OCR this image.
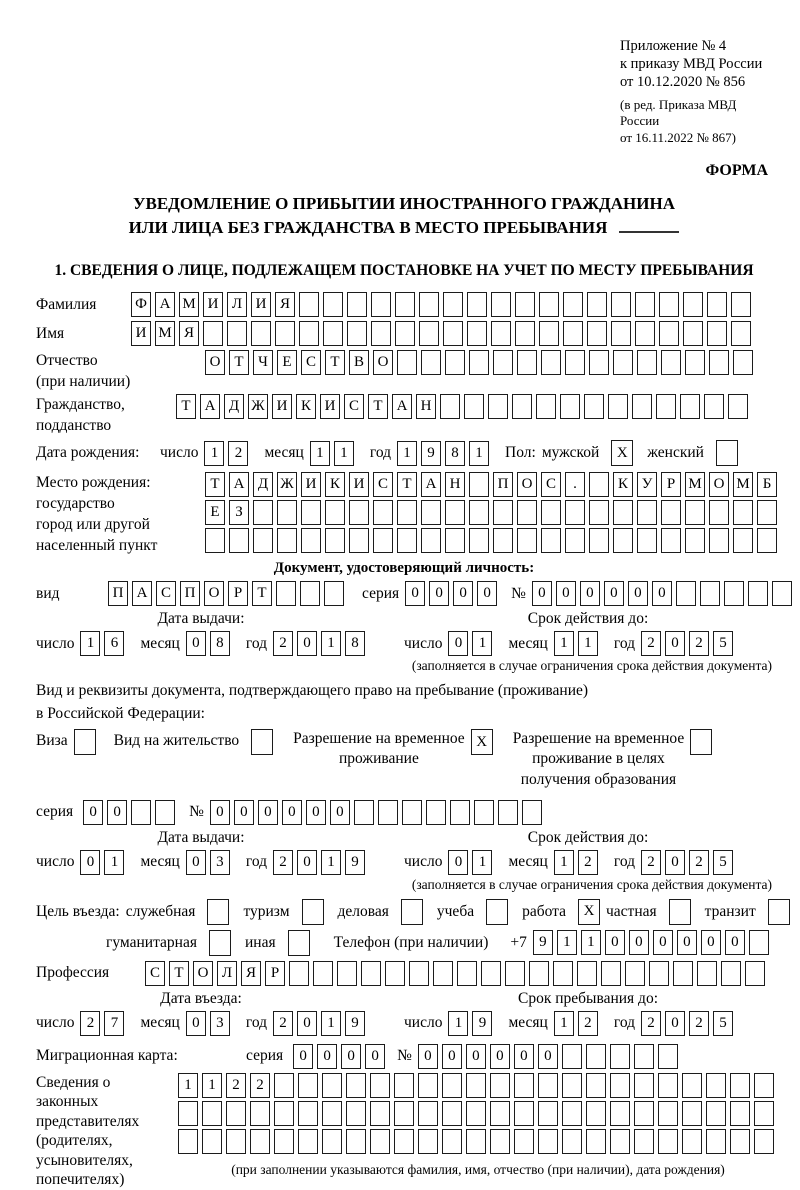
Приложение № 4
к приказу МВД России
от 10.12.2020 № 856
(в ред. Приказа МВД России
от 16.11.2022 № 867)
ФОРМА
УВЕДОМЛЕНИЕ О ПРИБЫТИИ ИНОСТРАННОГО ГРАЖДАНИНА
ИЛИ ЛИЦА БЕЗ ГРАЖДАНСТВА В МЕСТО ПРЕБЫВАНИЯ
1. СВЕДЕНИЯ О ЛИЦЕ, ПОДЛЕЖАЩЕМ ПОСТАНОВКЕ НА УЧЕТ ПО МЕСТУ ПРЕБЫВАНИЯ
Фамилия	Ф А М И Л И Я
Имя	И М Я
Отчество
(при наличии)
О Т Ч Е С Т В О
Гражданство,
подданство
Т А Д Ж И К И С Т А Н
Дата рождения:	число 1	2	месяц 1	1	год 1	9	8	1	Пол: мужской	X	женский
Место рождения:
государство
город или другой
населенный пункт
Т А Д Ж И К И С Т А Н	П О С	.	К У Р М О М Б
Е	З
Документ, удостоверяющий личность:
вид	П А С П О Р	Т	серия 0	0	0	0	№ 0	0	0	0	0	0
Дата выдачи:
число 1	6	месяц 0	8	год 2	0	1	8
Срок действия до:
число 0	1	месяц 1	1	год 2	0	2	5
(заполняется в случае ограничения срока действия документа)
Вид и реквизиты документа, подтверждающего право на пребывание (проживание)
в Российской Федерации:
Виза	Вид на жительство	Разрешение на временное
проживание
X	Разрешение на временное
проживание в целях
получения образования
серия	0	0	№ 0	0	0	0	0	0
Дата выдачи:
число 0	1	месяц 0	3	год 2	0	1	9
Срок действия до:
число 0	1	месяц 1	2	год 2	0	2	5
(заполняется в случае ограничения срока действия документа)
Цель въезда: служебная	туризм	деловая	учеба	работа	X частная	транзит
гуманитарная	иная	Телефон (при наличии) +7 9	1	1	0	0	0	0	0	0
Профессия	С Т О Л Я Р
Дата въезда:
число 2	7	месяц 0	3	год 2	0	1	9
Срок пребывания до:
число 1	9	месяц 1	2	год 2	0	2	5
Миграционная карта:	серия	0	0	0	0	№ 0	0	0	0	0	0
Сведения о
законных
представителях
(родителях,
усыновителях,
попечителях)
1	1	2	2
(при заполнении указываются фамилия, имя, отчество (при наличии), дата рождения)
